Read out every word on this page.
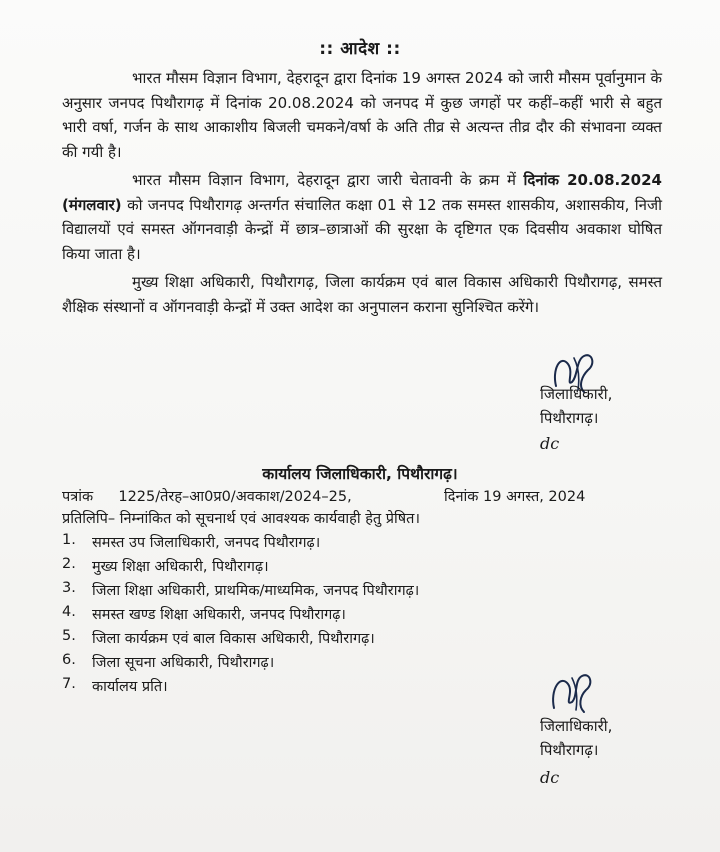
:: आदेश ::
भारत मौसम विज्ञान विभाग, देहरादून द्वारा दिनांक 19 अगस्त 2024 को जारी मौसम पूर्वानुमान के अनुसार जनपद पिथौरागढ़ में दिनांक 20.08.2024 को जनपद में कुछ जगहों पर कहीं–कहीं भारी से बहुत भारी वर्षा, गर्जन के साथ आकाशीय बिजली चमकने/वर्षा के अति तीव्र से अत्यन्त तीव्र दौर की संभावना व्यक्त की गयी है।
भारत मौसम विज्ञान विभाग, देहरादून द्वारा जारी चेतावनी के क्रम में दिनांक 20.08.2024 (मंगलवार) को जनपद पिथौरागढ़ अन्तर्गत संचालित कक्षा 01 से 12 तक समस्त शासकीय, अशासकीय, निजी विद्यालयों एवं समस्त ऑगनवाड़ी केन्द्रों में छात्र–छात्राओं की सुरक्षा के दृष्टिगत एक दिवसीय अवकाश घोषित किया जाता है।
मुख्य शिक्षा अधिकारी, पिथौरागढ़, जिला कार्यक्रम एवं बाल विकास अधिकारी पिथौरागढ़, समस्त शैक्षिक संस्थानों व ऑगनवाड़ी केन्द्रों में उक्त आदेश का अनुपालन कराना सुनिश्चित करेंगे।
जिलाधिकारी,
पिथौरागढ़।
dc
कार्यालय जिलाधिकारी, पिथौरागढ़।
पत्रांक 1225/तेरह–आ0प्र0/अवकाश/2024–25,	दिनांक 19 अगस्त, 2024
प्रतिलिपि– निम्नांकित को सूचनार्थ एवं आवश्यक कार्यवाही हेतु प्रेषित।
1. समस्त उप जिलाधिकारी, जनपद पिथौरागढ़।
2. मुख्य शिक्षा अधिकारी, पिथौरागढ़।
3. जिला शिक्षा अधिकारी, प्राथमिक/माध्यमिक, जनपद पिथौरागढ़।
4. समस्त खण्ड शिक्षा अधिकारी, जनपद पिथौरागढ़।
5. जिला कार्यक्रम एवं बाल विकास अधिकारी, पिथौरागढ़।
6. जिला सूचना अधिकारी, पिथौरागढ़।
7. कार्यालय प्रति।
जिलाधिकारी,
पिथौरागढ़।
dc
